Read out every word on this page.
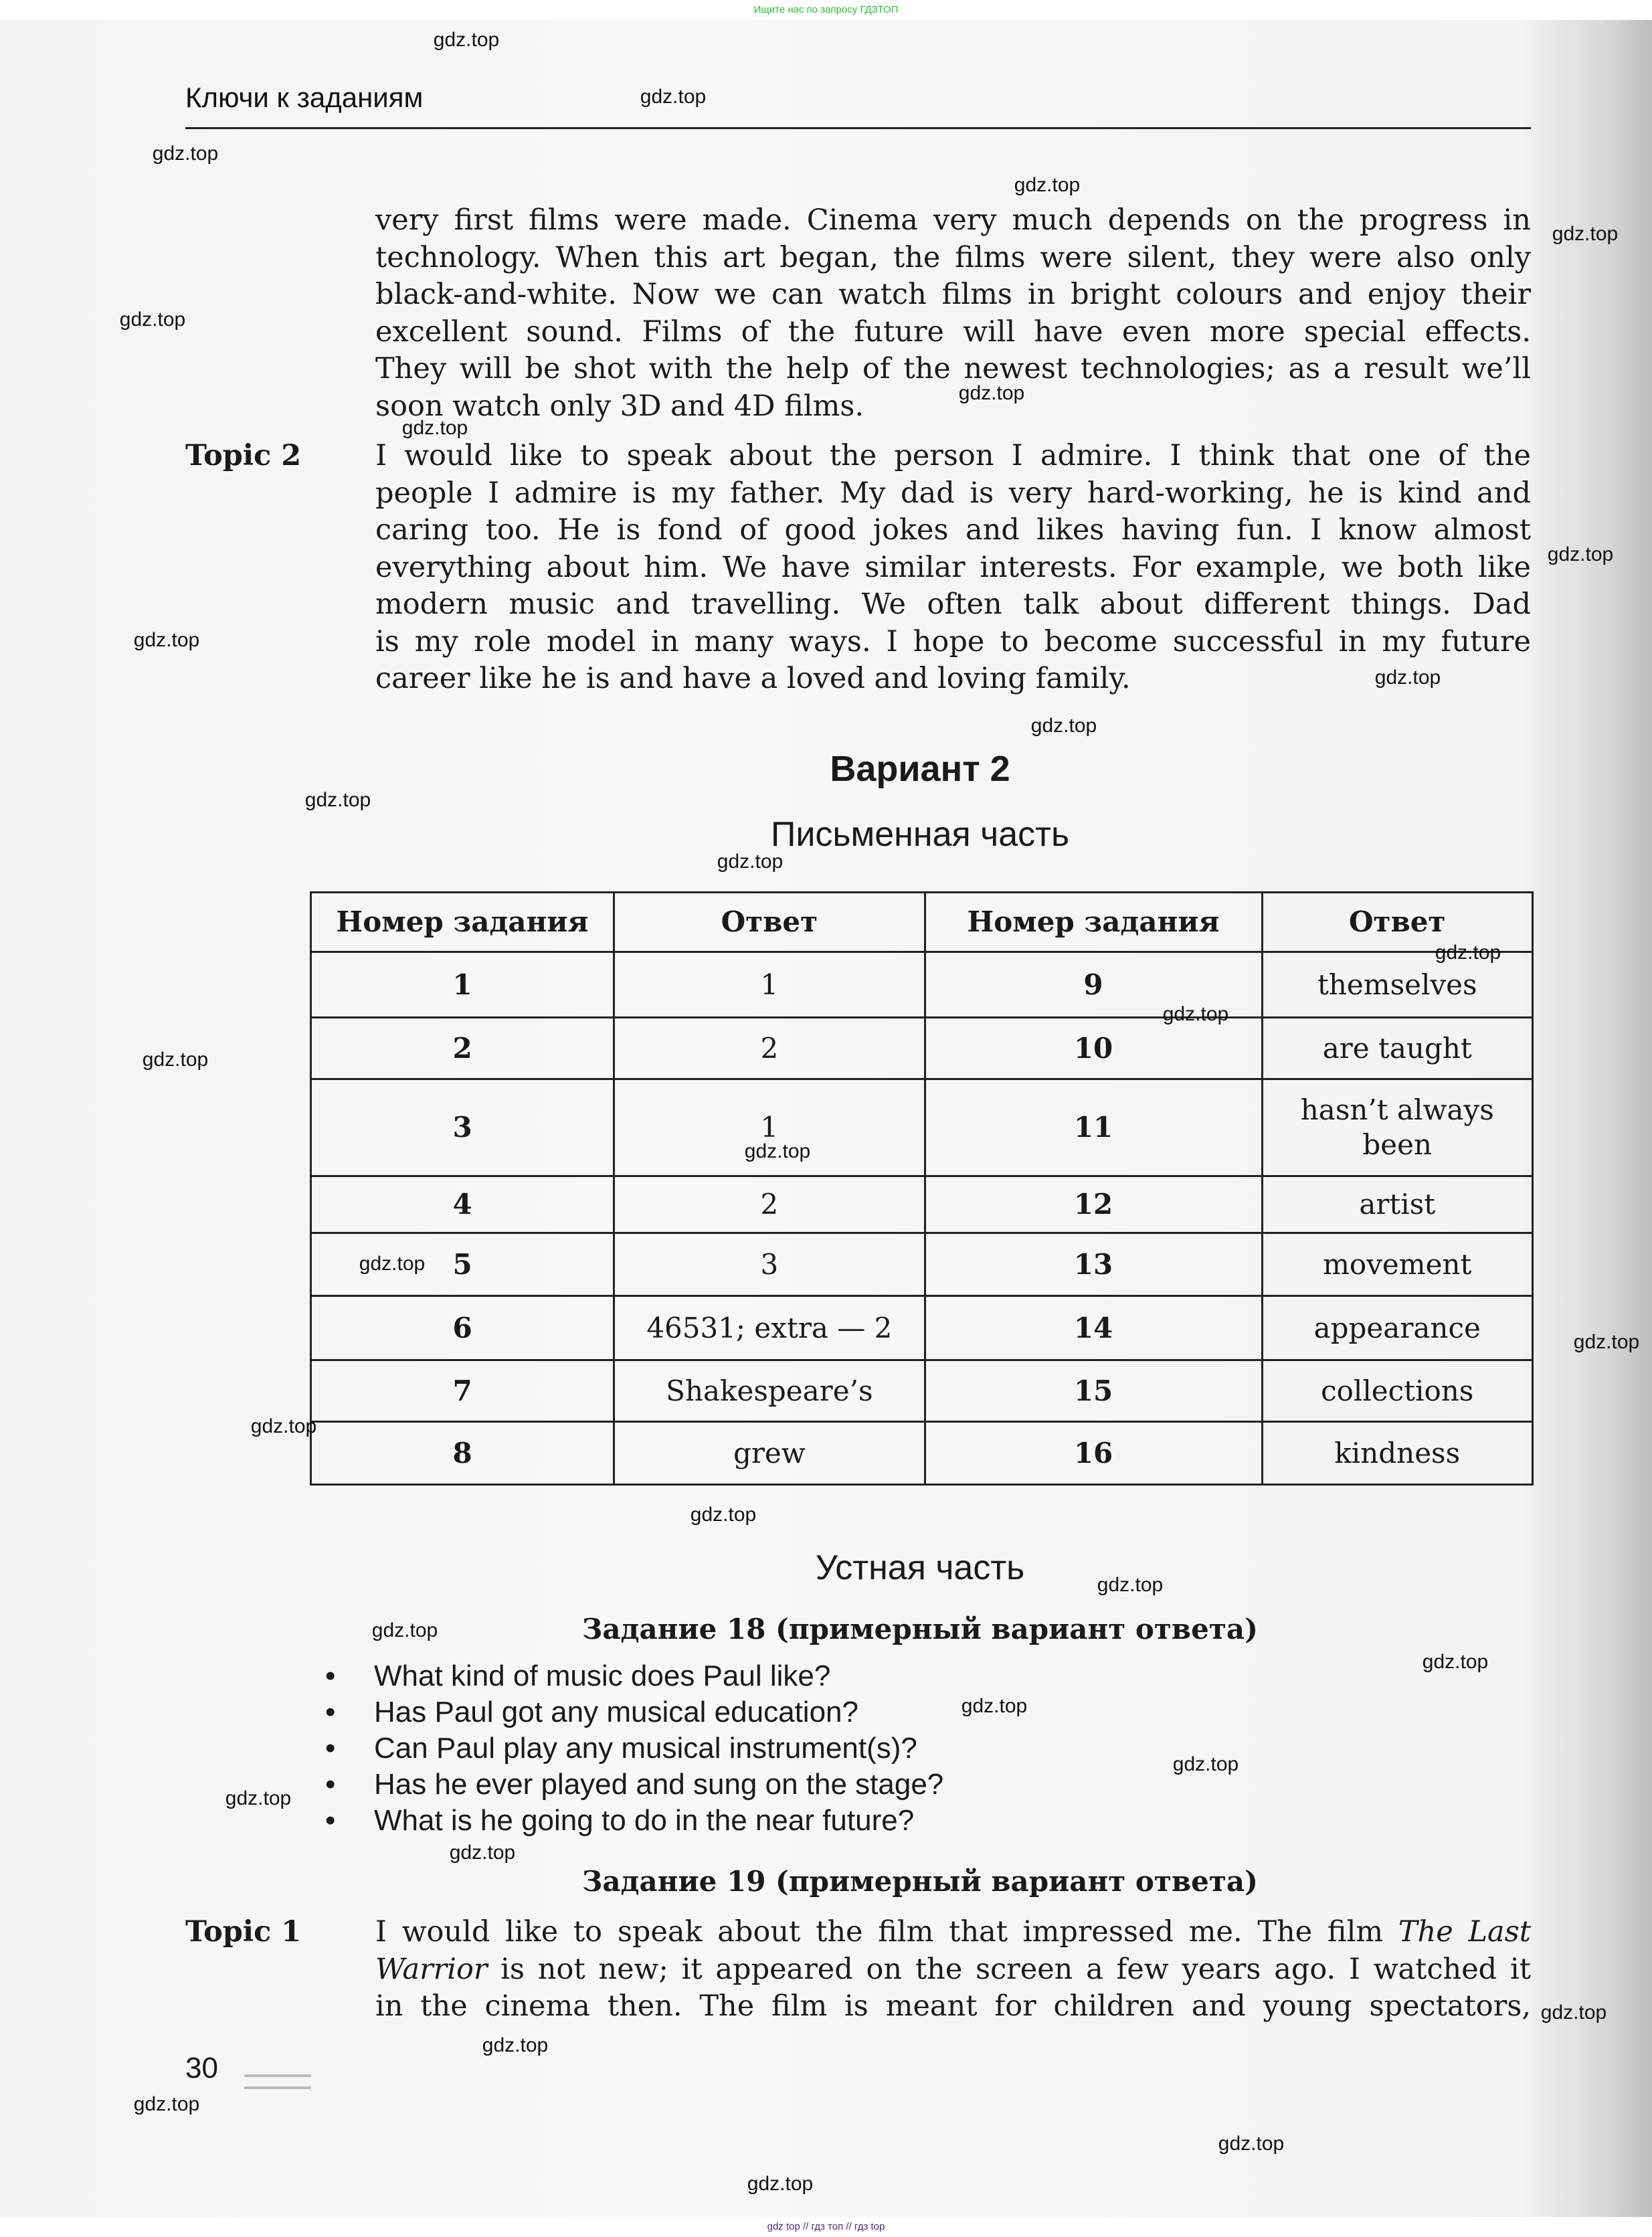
Ищите нас по запросу ГДЗТОП
Ключи к заданиям
very first films were made. Cinema very much depends on the progress in
technology. When this art began, the films were silent, they were also only
black-and-white. Now we can watch films in bright colours and enjoy their
excellent sound. Films of the future will have even more special effects.
They will be shot with the help of the newest technologies; as a result we’ll
soon watch only 3D and 4D films.
Topic 2	I would like to speak about the person I admire. I think that one of the
people I admire is my father. My dad is very hard-working, he is kind and
caring too. He is fond of good jokes and likes having fun. I know almost
everything about him. We have similar interests. For example, we both like
modern music and travelling. We often talk about different things. Dad
is my role model in many ways. I hope to become successful in my future
career like he is and have a loved and loving family.
Вариант 2
Письменная часть
Номер задания	Ответ	Номер задания	Ответ
1	1	9	themselves
2	2	10	are taught
3	1	11	hasn’t always been
4	2	12	artist
5	3	13	movement
6	46531; extra — 2	14	appearance
7	Shakespeare’s	15	collections
8	grew	16	kindness
Устная часть
Задание 18 (примерный вариант ответа)
• What kind of music does Paul like?
• Has Paul got any musical education?
• Can Paul play any musical instrument(s)?
• Has he ever played and sung on the stage?
• What is he going to do in the near future?
Задание 19 (примерный вариант ответа)
Topic 1	I would like to speak about the film that impressed me. The film The Last
Warrior is not new; it appeared on the screen a few years ago. I watched it
in the cinema then. The film is meant for children and young spectators,
30
gdz.top
gdz.top
gdz.top
gdz.top
gdz.top
gdz.top
gdz.top
gdz.top
gdz.top
gdz.top
gdz.top
gdz.top
gdz.top
gdz.top
gdz.top
gdz.top
gdz.top
gdz.top
gdz.top
gdz.top
gdz.top
gdz.top
gdz.top
gdz.top
gdz.top
gdz.top
gdz.top
gdz.top
gdz.top
gdz.top
gdz.top
gdz.top
gdz.top
gdz.top
gdz top // гдз топ // гдз top
